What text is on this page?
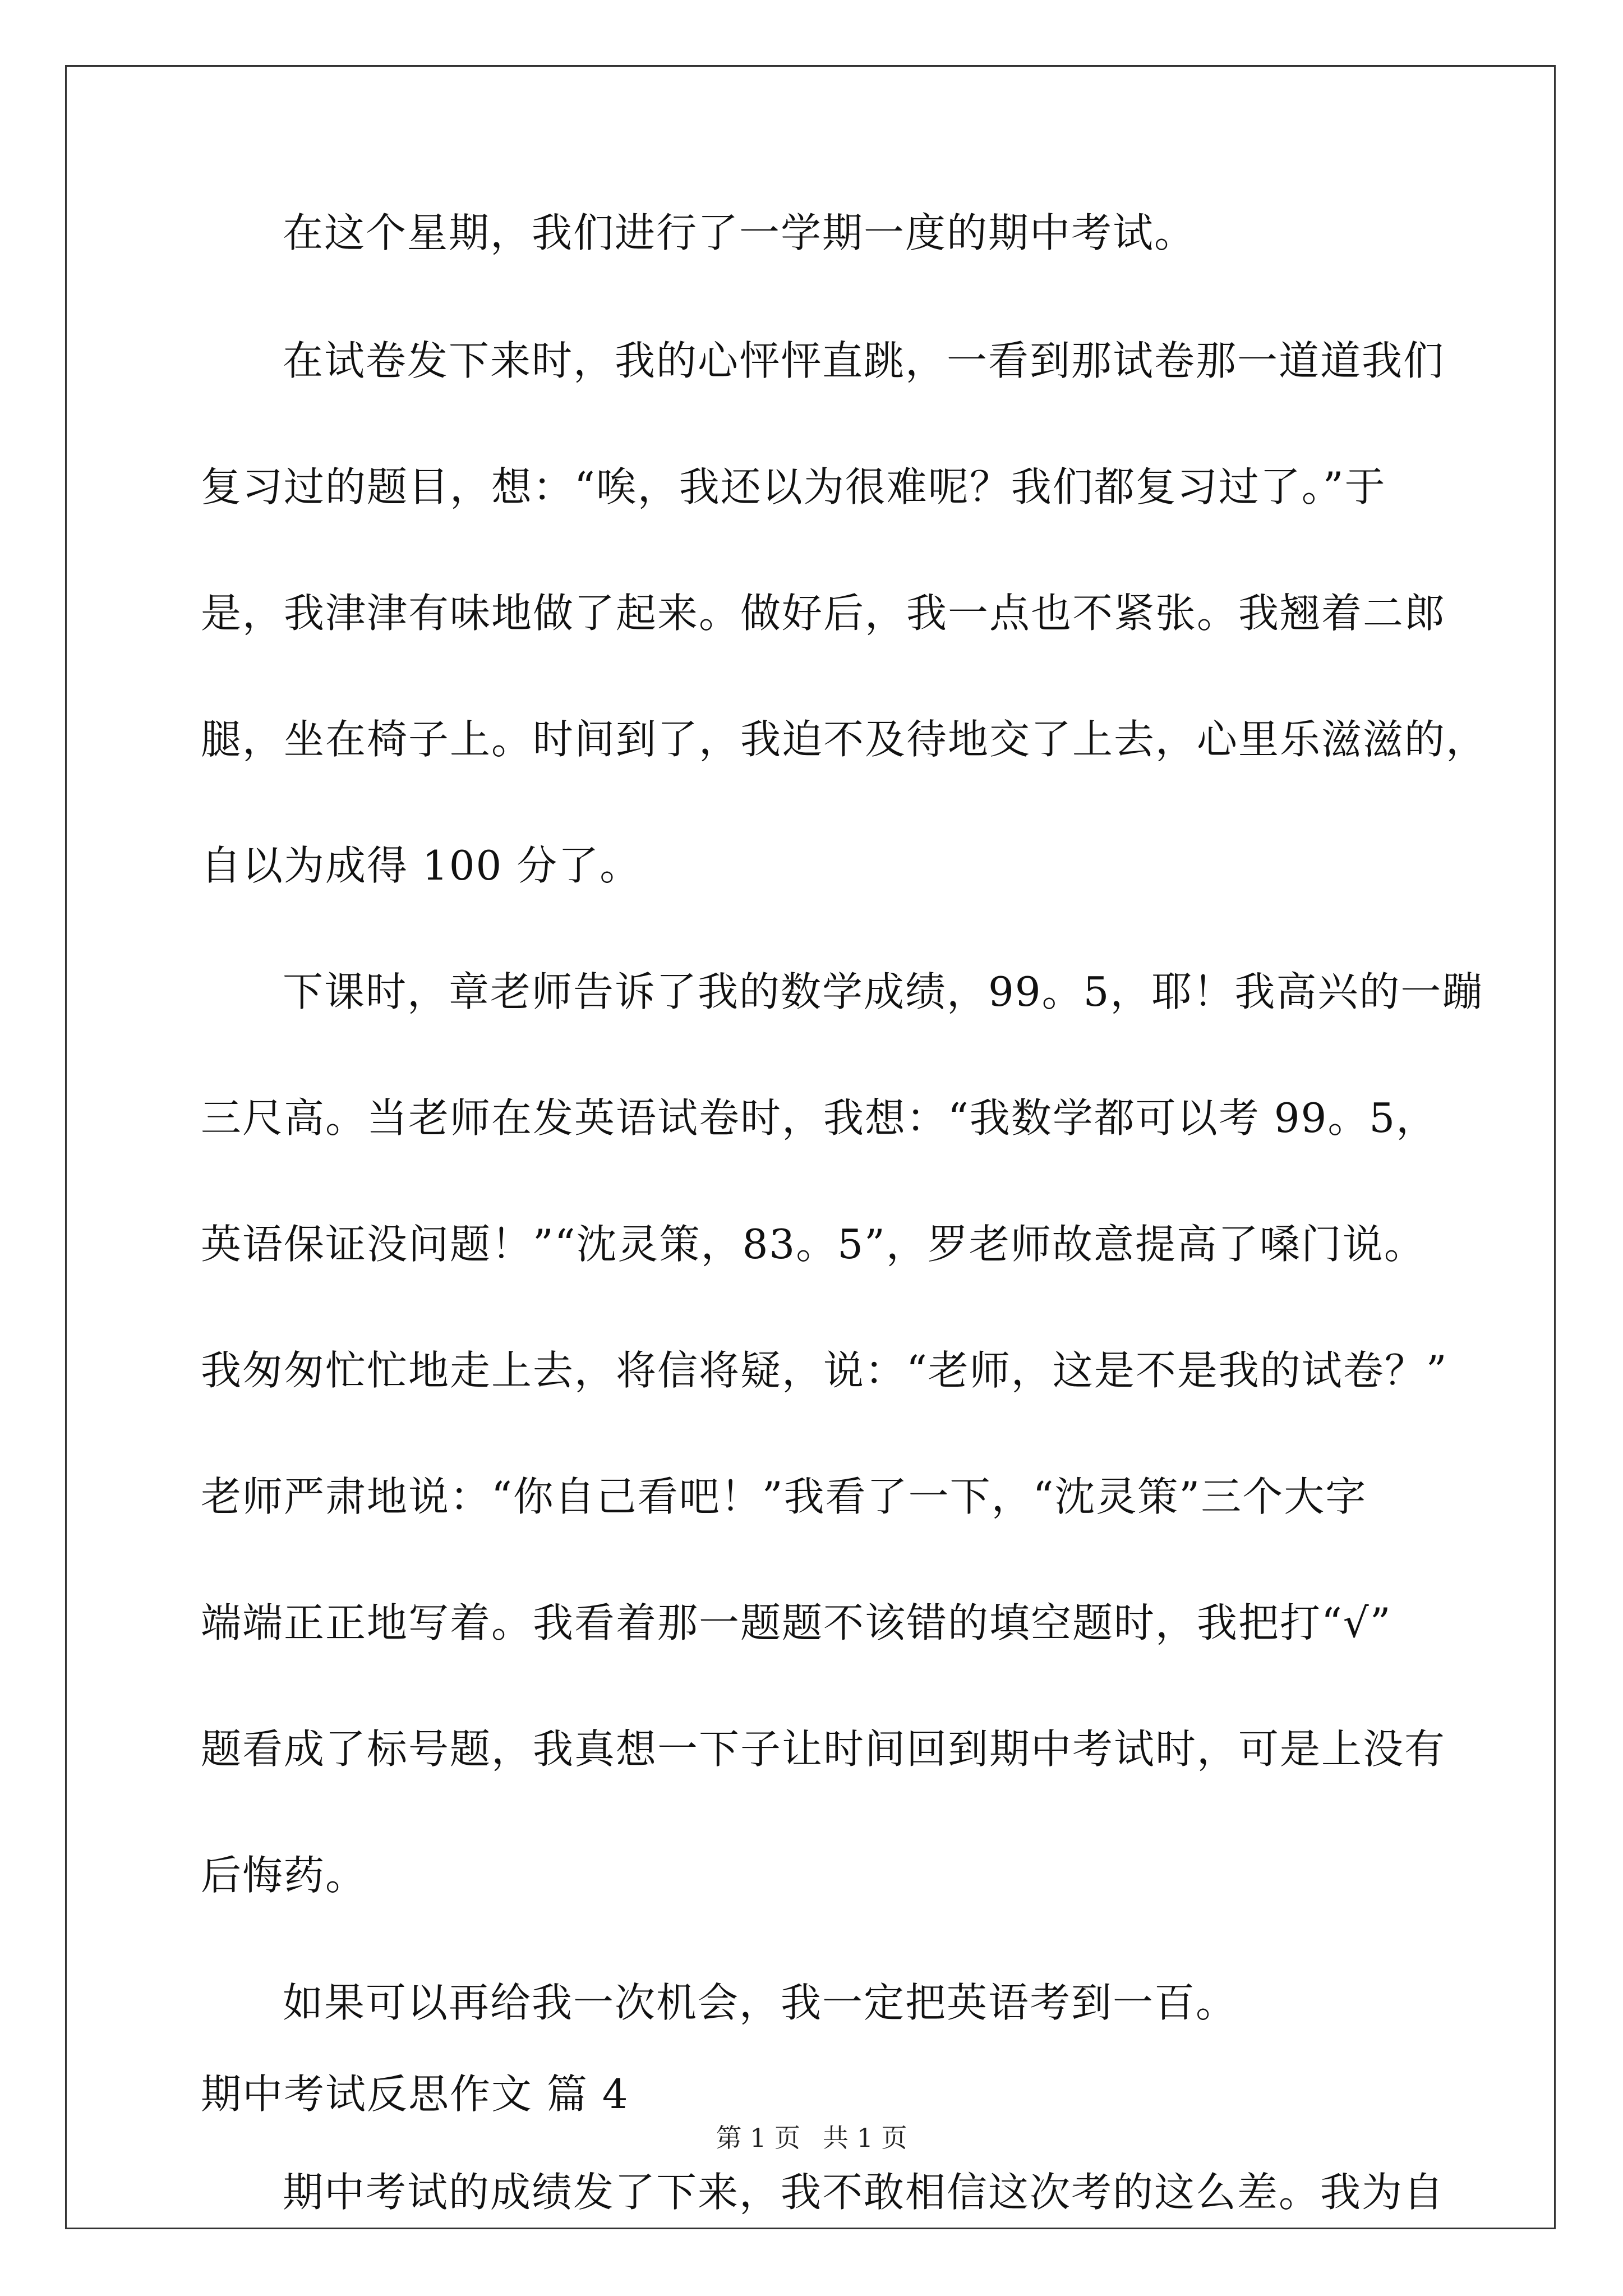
在这个星期，我们进行了一学期一度的期中考试。
在试卷发下来时，我的心怦怦直跳，一看到那试卷那一道道我们
复习过的题目，想：“唉，我还以为很难呢？我们都复习过了。”于
是，我津津有味地做了起来。做好后，我一点也不紧张。我翘着二郎
腿，坐在椅子上。时间到了，我迫不及待地交了上去，心里乐滋滋的，
自以为成得 100 分了。
下课时，章老师告诉了我的数学成绩，99。5，耶！我高兴的一蹦
三尺高。当老师在发英语试卷时，我想：“我数学都可以考 99。5，
英语保证没问题！”“沈灵策，83。5”，罗老师故意提高了嗓门说。
我匆匆忙忙地走上去，将信将疑，说：“老师，这是不是我的试卷？”
老师严肃地说：“你自己看吧！”我看了一下，“沈灵策”三个大字
端端正正地写着。我看着那一题题不该错的填空题时，我把打“√”
题看成了标号题，我真想一下子让时间回到期中考试时，可是上没有
后悔药。
如果可以再给我一次机会，我一定把英语考到一百。
期中考试反思作文 篇 4
期中考试的成绩发了下来，我不敢相信这次考的这么差。我为自
第 1 页 共 1 页
